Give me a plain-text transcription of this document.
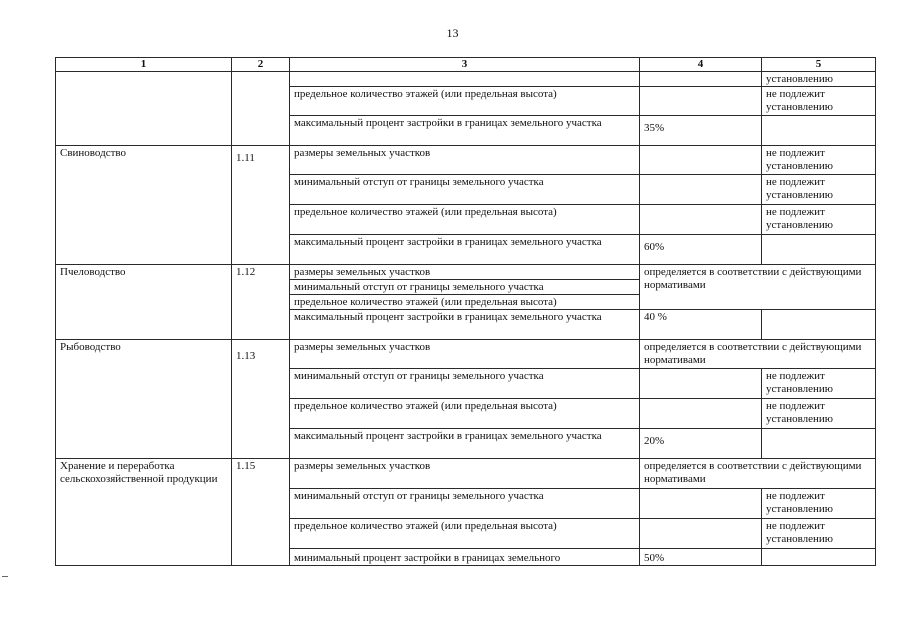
13
1	2	3	4	5
				установлению
		предельное количество этажей (или предельная высота)		не подлежит установлению
		максимальный процент застройки в границах земельного участка	35%	
Свиноводство	1.11	размеры земельных участков		не подлежит установлению
		минимальный отступ от границы земельного участка		не подлежит установлению
		предельное количество этажей (или предельная высота)		не подлежит установлению
		максимальный процент застройки в границах земельного участка	60%	
Пчеловодство	1.12	размеры земельных участков	определяется в соответствии с действующими нормативами	
		минимальный отступ от границы земельного участка		
		предельное количество этажей (или предельная высота)		
		максимальный процент застройки в границах земельного участка	40 %	
Рыбоводство	1.13	размеры земельных участков	определяется в соответствии с действующими нормативами	
		минимальный отступ от границы земельного участка		не подлежит установлению
		предельное количество этажей (или предельная высота)		не подлежит установлению
		максимальный процент застройки в границах земельного участка	20%	
Хранение и переработка сельскохозяйственной продукции	1.15	размеры земельных участков	определяется в соответствии с действующими нормативами	
		минимальный отступ от границы земельного участка		не подлежит установлению
		предельное количество этажей (или предельная высота)		не подлежит установлению
		минимальный процент застройки в границах земельного	50%	
